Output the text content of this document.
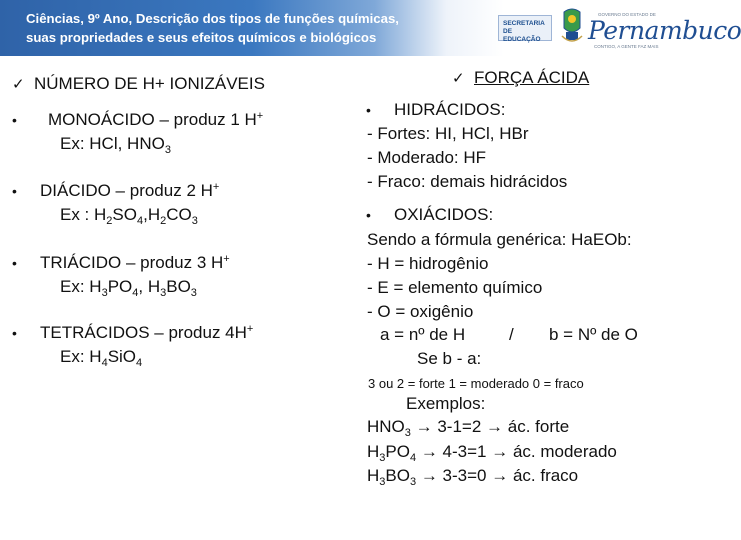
Ciências, 9º Ano, Descrição dos tipos de funções químicas,
suas propriedades e seus efeitos químicos e biológicos
SECRETARIA
DE EDUCAÇÃO
GOVERNO DO ESTADO DE
Pernambuco
CONTIGO, A GENTE FAZ MAIS
✓ NÚMERO DE H+ IONIZÁVEIS
• MONOÁCIDO – produz 1 H+
Ex: HCl, $HNO_3$
• DIÁCIDO – produz 2 H+
Ex : $H_2SO_4,H_2CO_3$
• TRIÁCIDO – produz 3 H+
Ex: $H_3PO_4$, $H_3BO_3$
• TETRÁCIDOS – produz 4H+
Ex: $H_4SiO_4$
✓ FORÇA ÁCIDA
• HIDRÁCIDOS:
- Fortes: HI, HCl, HBr
- Moderado: HF
- Fraco: demais hidrácidos
• OXIÁCIDOS:
Sendo a fórmula genérica: HaEOb:
- H = hidrogênio
- E = elemento químico
- O = oxigênio
a = nº de H	/ b = Nº de O
Se b - a:
3 ou 2 = forte 1 = moderado 0 = fraco
Exemplos:
$HNO_3 \to 3-1=2$ → ác. forte
$H_3PO_4 \to 4-3=1$ → ác. moderado
$H_3BO_3 \to 3-3=0$ → ác. fraco
